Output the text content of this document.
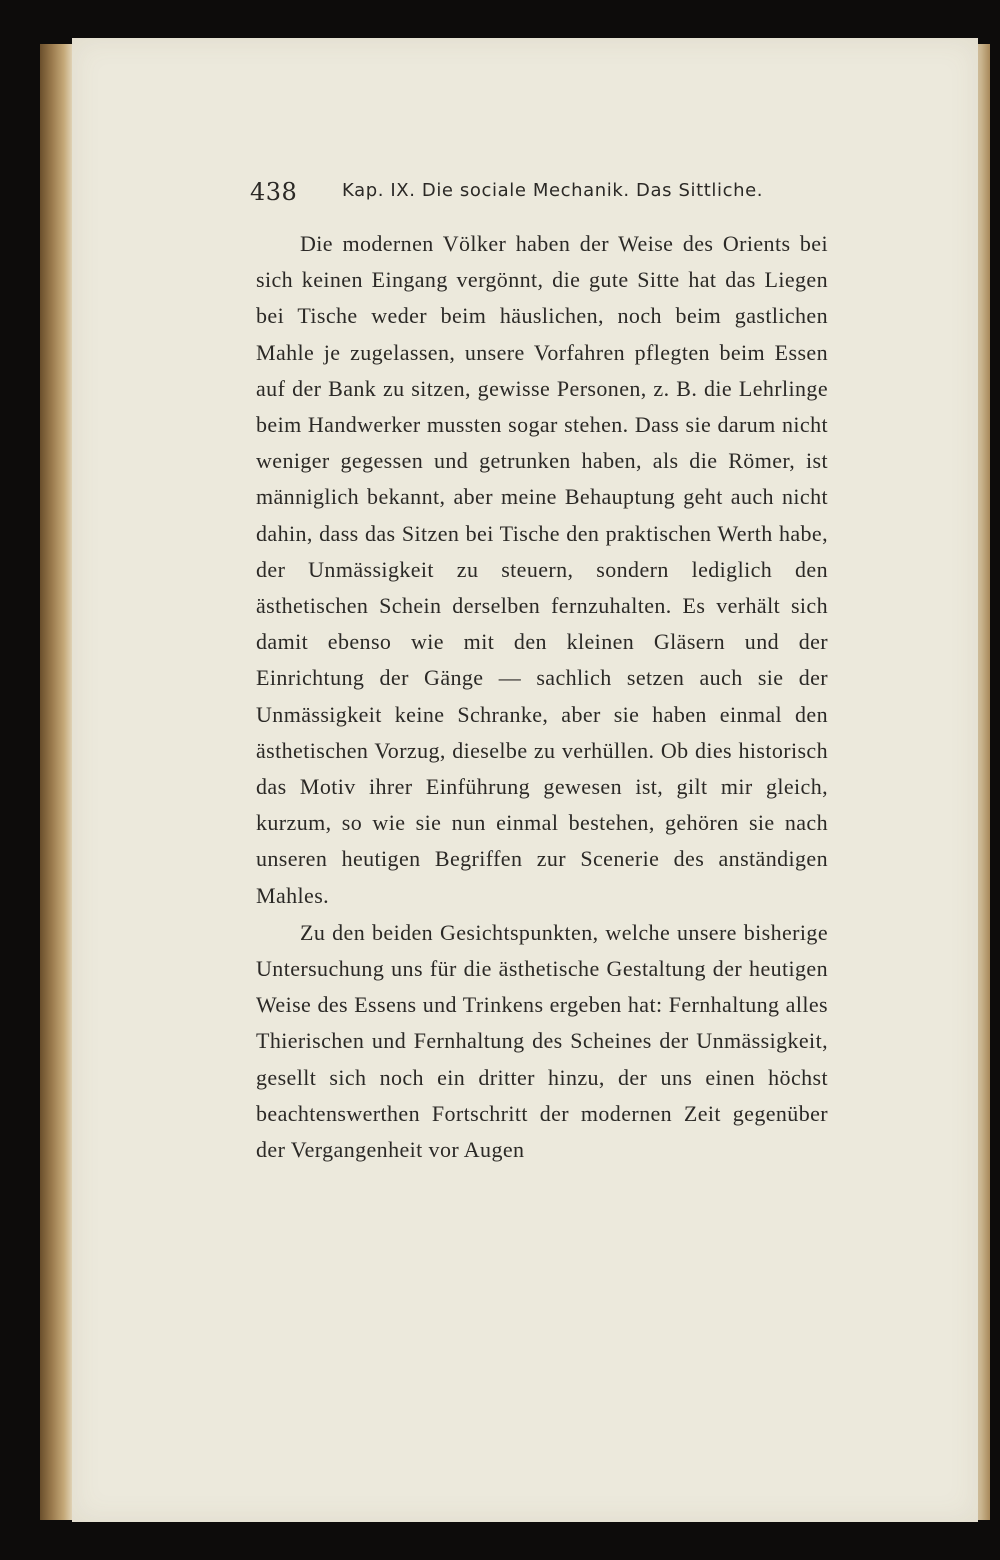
438 Kap. IX. Die sociale Mechanik. Das Sittliche.

Die modernen Völker haben der Weise des Orients bei sich keinen Eingang vergönnt, die gute Sitte hat das Liegen bei Tische weder beim häuslichen, noch beim gastlichen Mahle je zugelassen, unsere Vorfahren pflegten beim Essen auf der Bank zu sitzen, gewisse Personen, z. B. die Lehrlinge beim Handwerker mussten sogar stehen. Dass sie darum nicht weniger gegessen und getrunken haben, als die Römer, ist männiglich bekannt, aber meine Behauptung geht auch nicht dahin, dass das Sitzen bei Tische den praktischen Werth habe, der Unmässigkeit zu steuern, sondern lediglich den ästhetischen Schein derselben fernzuhalten. Es verhält sich damit ebenso wie mit den kleinen Gläsern und der Einrichtung der Gänge — sachlich setzen auch sie der Unmässigkeit keine Schranke, aber sie haben einmal den ästhetischen Vorzug, dieselbe zu verhüllen. Ob dies historisch das Motiv ihrer Einführung gewesen ist, gilt mir gleich, kurzum, so wie sie nun einmal bestehen, gehören sie nach unseren heutigen Begriffen zur Scenerie des anständigen Mahles.

Zu den beiden Gesichtspunkten, welche unsere bisherige Untersuchung uns für die ästhetische Gestaltung der heutigen Weise des Essens und Trinkens ergeben hat: Fernhaltung alles Thierischen und Fernhaltung des Scheines der Unmässigkeit, gesellt sich noch ein dritter hinzu, der uns einen höchst beachtenswerthen Fortschritt der modernen Zeit gegenüber der Vergangenheit vor Augen
